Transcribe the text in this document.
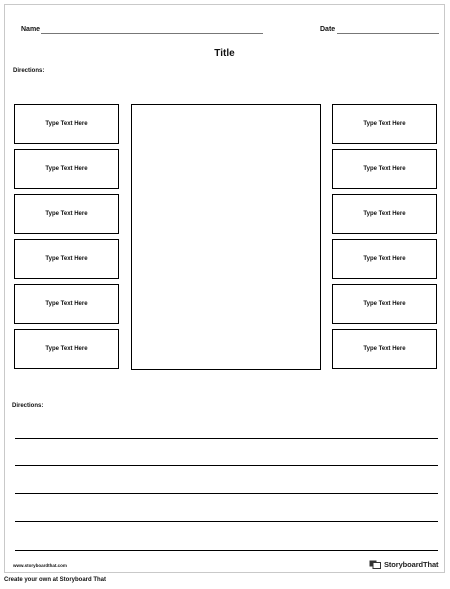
Name	Date
Title
Directions:
Type Text Here
Type Text Here
Type Text Here
Type Text Here
Type Text Here
Type Text Here
Type Text Here
Type Text Here
Type Text Here
Type Text Here
Type Text Here
Type Text Here
Directions:
www.storyboardthat.com	StoryboardThat
Create your own at Storyboard That
